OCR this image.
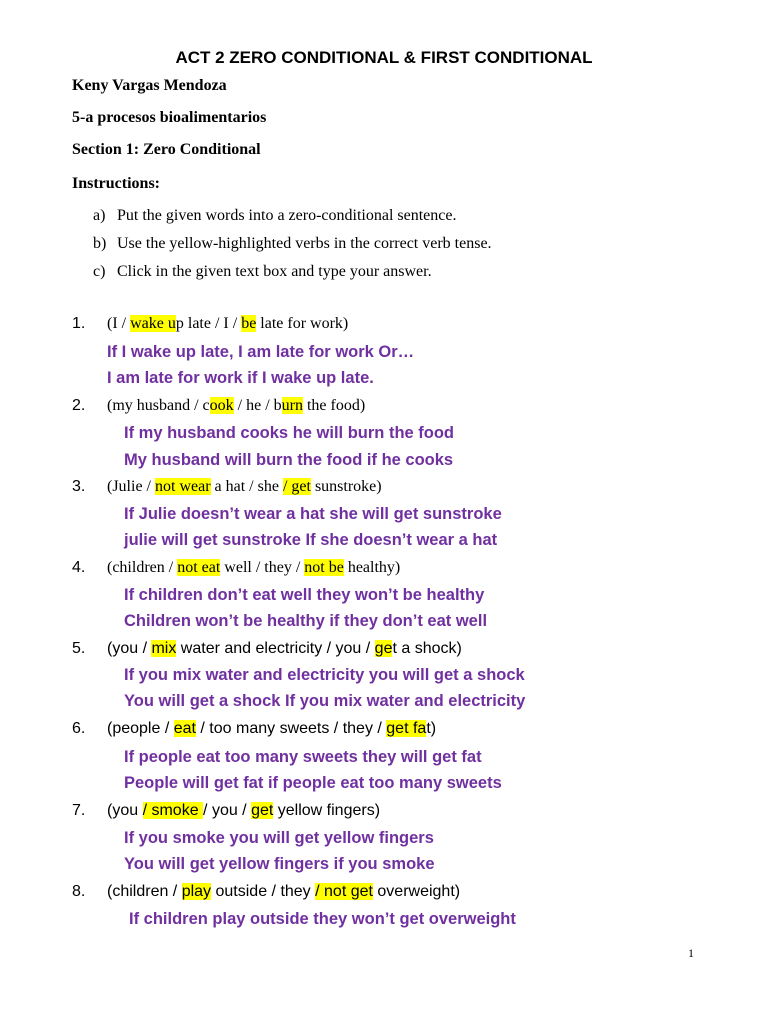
ACT 2 ZERO CONDITIONAL & FIRST CONDITIONAL
Keny Vargas Mendoza
5-a procesos bioalimentarios
Section 1: Zero Conditional
Instructions:
a) Put the given words into a zero-conditional sentence.
b) Use the yellow-highlighted verbs in the correct verb tense.
c) Click in the given text box and type your answer.
1. (I / wake up late / I / be late for work)
If I wake up late, I am late for work Or…
I am late for work if I wake up late.
2. (my husband / cook / he / burn the food)
If my husband cooks he will burn the food
My husband will burn the food if he cooks
3. (Julie / not wear a hat / she / get sunstroke)
If Julie doesn’t wear a hat she will get sunstroke
julie will get sunstroke If she doesn’t wear a hat
4. (children / not eat well / they / not be healthy)
If children don’t eat well they won’t be healthy
Children won’t be healthy if they don’t eat well
5. (you / mix water and electricity / you / get a shock)
If you mix water and electricity you will get a shock
You will get a shock If you mix water and electricity
6. (people / eat / too many sweets / they / get fat)
If people eat too many sweets they will get fat
People will get fat if people eat too many sweets
7. (you / smoke / you / get yellow fingers)
If you smoke you will get yellow fingers
You will get yellow fingers if you smoke
8. (children / play outside / they / not get overweight)
If children play outside they won’t get overweight
1
